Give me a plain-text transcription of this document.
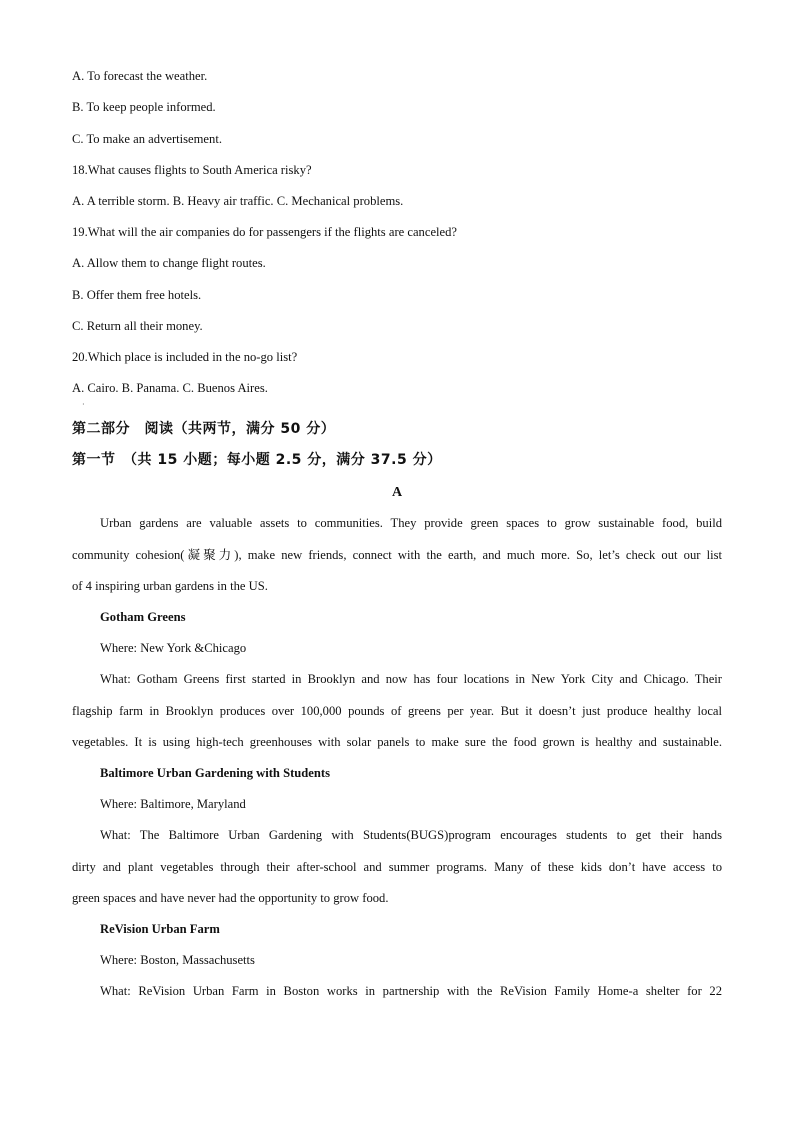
A. To forecast the weather.
B. To keep people informed.
C. To make an advertisement.
18.What causes flights to South America risky?
A. A terrible storm. B. Heavy air traffic. C. Mechanical problems.
19.What will the air companies do for passengers if the flights are canceled?
A. Allow them to change flight routes.
B. Offer them free hotels.
C. Return all their money.
20.Which place is included in the no-go list?
A. Cairo. B. Panama. C. Buenos Aires.
·
第二部分　阅读（共两节，满分 50 分）
第一节　（共 15 小题；每小题 2.5 分，满分 37.5 分）
A
Urban gardens are valuable assets to communities. They provide green spaces to grow sustainable food, build
community cohesion(凝聚力), make new friends, connect with the earth, and much more. So, let’s check out our list
of 4 inspiring urban gardens in the US.
Gotham Greens
Where: New York &Chicago
What: Gotham Greens first started in Brooklyn and now has four locations in New York City and Chicago. Their
flagship farm in Brooklyn produces over 100,000 pounds of greens per year. But it doesn’t just produce healthy local
vegetables. It is using high-tech greenhouses with solar panels to make sure the food grown is healthy and sustainable.
Baltimore Urban Gardening with Students
Where: Baltimore, Maryland
What: The Baltimore Urban Gardening with Students(BUGS)program encourages students to get their hands
dirty and plant vegetables through their after-school and summer programs. Many of these kids don’t have access to
green spaces and have never had the opportunity to grow food.
ReVision Urban Farm
Where: Boston, Massachusetts
What: ReVision Urban Farm in Boston works in partnership with the ReVision Family Home-a shelter for 22
